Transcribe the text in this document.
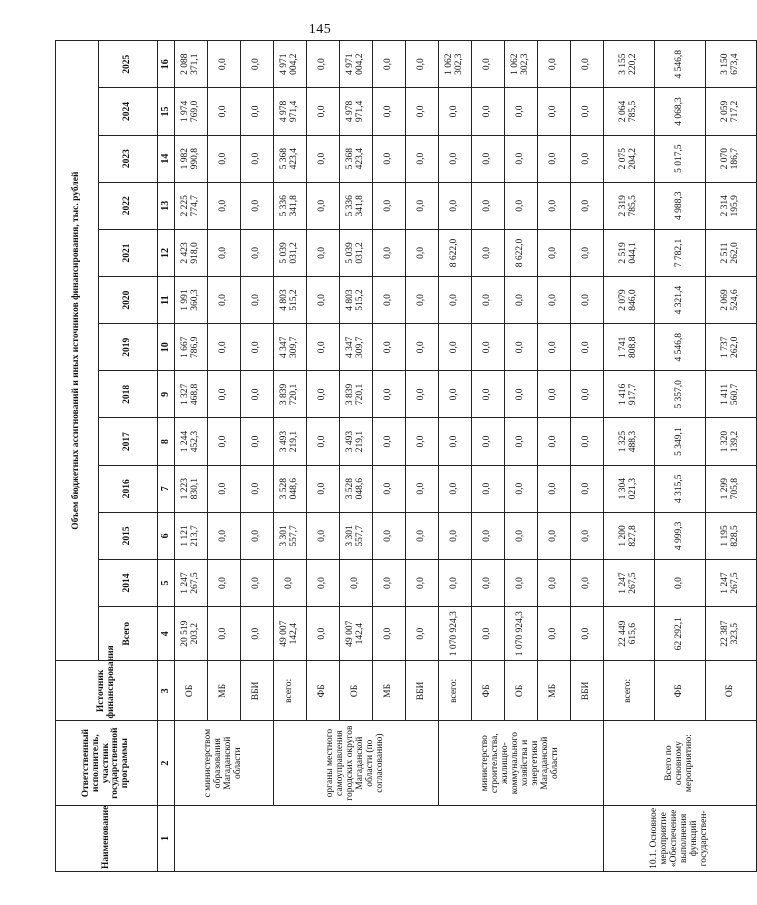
145
Наименование	Ответственный исполнитель, участник государственной программы	Источник финансирования	Объем бюджетных ассигнований и иных источников финансирования, тыс. рублей												
			Всего	2014	2015	2016	2017	2018	2019	2020	2021	2022	2023	2024	2025
1	2	3	4	5	6	7	8	9	10	11	12	13	14	15	16
	с министерством образования Магаданской области	ОБ	20 519 203,2	1 247 267,5	1 121 213,7	1 223 830,1	1 244 452,3	1 327 468,8	1 667 786,9	1 991 360,3	2 423 918,0	2 225 774,7	1 982 990,8	1 974 769,0	2 088 371,1
		МБ	0,0	0,0	0,0	0,0	0,0	0,0	0,0	0,0	0,0	0,0	0,0	0,0	0,0
		ВБИ	0,0	0,0	0,0	0,0	0,0	0,0	0,0	0,0	0,0	0,0	0,0	0,0	0,0
	органы местного самоуправления городских округов Магаданской области (по согласованию)	всего:	49 007 142,4	0,0	3 301 557,7	3 528 048,6	3 493 219,1	3 839 720,1	4 347 309,7	4 803 515,2	5 039 031,2	5 336 341,8	5 368 423,4	4 978 971,4	4 971 004,2
		ФБ	0,0	0,0	0,0	0,0	0,0	0,0	0,0	0,0	0,0	0,0	0,0	0,0	0,0
		ОБ	49 007 142,4	0,0	3 301 557,7	3 528 048,6	3 493 219,1	3 839 720,1	4 347 309,7	4 803 515,2	5 039 031,2	5 336 341,8	5 368 423,4	4 978 971,4	4 971 004,2
		МБ	0,0	0,0	0,0	0,0	0,0	0,0	0,0	0,0	0,0	0,0	0,0	0,0	0,0
		ВБИ	0,0	0,0	0,0	0,0	0,0	0,0	0,0	0,0	0,0	0,0	0,0	0,0	0,0
	министерство строительства, жилищно-коммунального хозяйства и энергетики Магаданской области	всего:	1 070 924,3	0,0	0,0	0,0	0,0	0,0	0,0	0,0	8 622,0	0,0	0,0	0,0	1 062 302,3
		ФБ	0,0	0,0	0,0	0,0	0,0	0,0	0,0	0,0	0,0	0,0	0,0	0,0	0,0
		ОБ	1 070 924,3	0,0	0,0	0,0	0,0	0,0	0,0	0,0	8 622,0	0,0	0,0	0,0	1 062 302,3
		МБ	0,0	0,0	0,0	0,0	0,0	0,0	0,0	0,0	0,0	0,0	0,0	0,0	0,0
		ВБИ	0,0	0,0	0,0	0,0	0,0	0,0	0,0	0,0	0,0	0,0	0,0	0,0	0,0
10.1. Основное мероприятие «Обеспечение выполнения функций государствен-	Всего по основному мероприятию:	всего:	22 449 615,6	1 247 267,5	1 200 827,8	1 304 021,3	1 325 488,3	1 416 917,7	1 741 808,8	2 079 846,0	2 519 044,1	2 319 785,5	2 075 204,2	2 064 785,5	3 155 220,2
		ФБ	62 292,1	0,0	4 999,3	4 315,5	5 349,1	5 357,0	4 546,8	4 321,4	7 782,1	4 988,3	5 017,5	4 068,3	4 546,8
		ОБ	22 387 323,5	1 247 267,5	1 195 828,5	1 299 705,8	1 320 139,2	1 411 560,7	1 737 262,0	2 069 524,6	2 511 262,0	2 314 195,9	2 070 186,7	2 059 717,2	3 150 673,4
